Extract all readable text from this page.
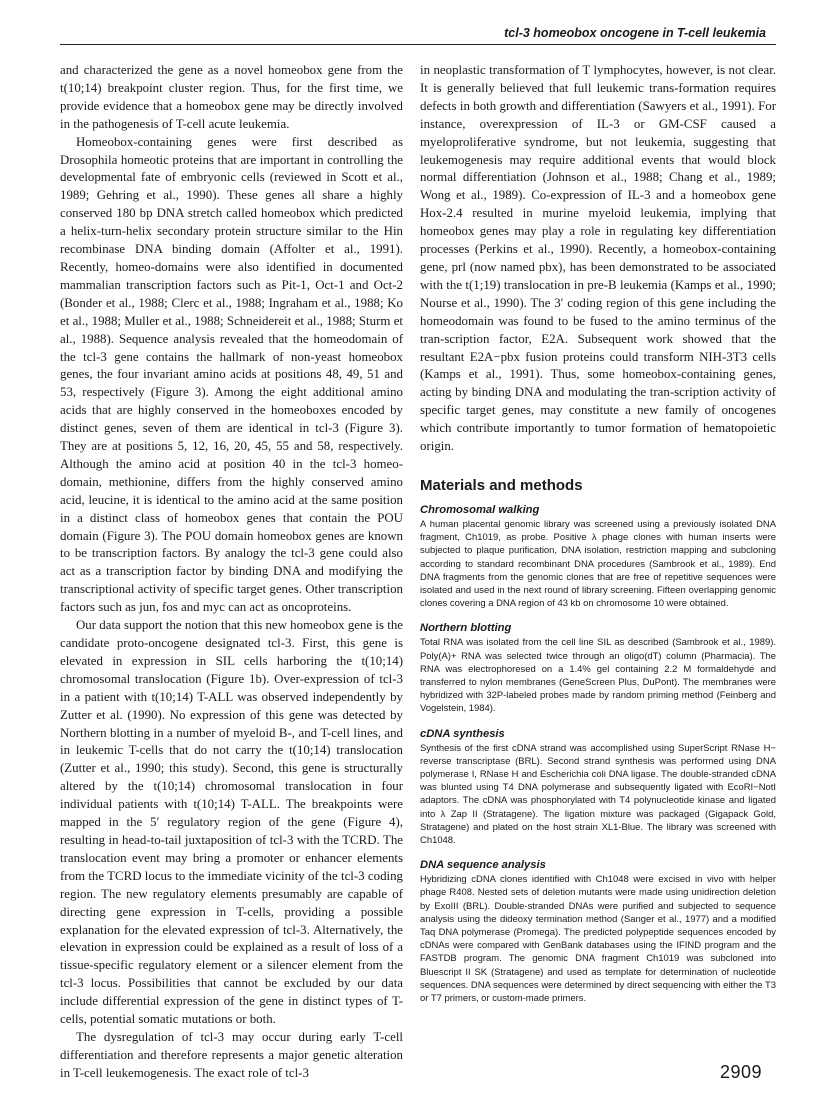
tcl-3 homeobox oncogene in T-cell leukemia

and characterized the gene as a novel homeobox gene from the t(10;14) breakpoint cluster region. Thus, for the first time, we provide evidence that a homeobox gene may be directly involved in the pathogenesis of T-cell acute leukemia.

Homeobox-containing genes were first described as Drosophila homeotic proteins that are important in controlling the developmental fate of embryonic cells (reviewed in Scott et al., 1989; Gehring et al., 1990). These genes all share a highly conserved 180 bp DNA stretch called homeobox which predicted a helix-turn-helix secondary protein structure similar to the Hin recombinase DNA binding domain (Affolter et al., 1991). Recently, homeo-domains were also identified in documented mammalian transcription factors such as Pit-1, Oct-1 and Oct-2 (Bonder et al., 1988; Clerc et al., 1988; Ingraham et al., 1988; Ko et al., 1988; Muller et al., 1988; Schneidereit et al., 1988; Sturm et al., 1988). Sequence analysis revealed that the homeodomain of the tcl-3 gene contains the hallmark of non-yeast homeobox genes, the four invariant amino acids at positions 48, 49, 51 and 53, respectively (Figure 3). Among the eight additional amino acids that are highly conserved in the homeoboxes encoded by distinct genes, seven of them are identical in tcl-3 (Figure 3). They are at positions 5, 12, 16, 20, 45, 55 and 58, respectively. Although the amino acid at position 40 in the tcl-3 homeo-domain, methionine, differs from the highly conserved amino acid, leucine, it is identical to the amino acid at the same position in a distinct class of homeobox genes that contain the POU domain (Figure 3). The POU domain homeobox genes are known to be transcription factors. By analogy the tcl-3 gene could also act as a transcription factor by binding DNA and modifying the transcriptional activity of specific target genes. Other transcription factors such as jun, fos and myc can act as oncoproteins.

Our data support the notion that this new homeobox gene is the candidate proto-oncogene designated tcl-3. First, this gene is elevated in expression in SIL cells harboring the t(10;14) chromosomal translocation (Figure 1b). Over-expression of tcl-3 in a patient with t(10;14) T-ALL was observed independently by Zutter et al. (1990). No expression of this gene was detected by Northern blotting in a number of myeloid B-, and T-cell lines, and in leukemic T-cells that do not carry the t(10;14) translocation (Zutter et al., 1990; this study). Second, this gene is structurally altered by the t(10;14) chromosomal translocation in four individual patients with t(10;14) T-ALL. The breakpoints were mapped in the 5′ regulatory region of the gene (Figure 4), resulting in head-to-tail juxtaposition of tcl-3 with the TCRD. The translocation event may bring a promoter or enhancer elements from the TCRD locus to the immediate vicinity of the tcl-3 coding region. The new regulatory elements presumably are capable of directing gene expression in T-cells, providing a possible explanation for the elevated expression of tcl-3. Alternatively, the elevation in expression could be explained as a result of loss of a tissue-specific regulatory element or a silencer element from the tcl-3 locus. Possibilities that cannot be excluded by our data include differential expression of the gene in distinct types of T-cells, potential somatic mutations or both.

The dysregulation of tcl-3 may occur during early T-cell differentiation and therefore represents a major genetic alteration in T-cell leukemogenesis. The exact role of tcl-3

in neoplastic transformation of T lymphocytes, however, is not clear. It is generally believed that full leukemic trans-formation requires defects in both growth and differentiation (Sawyers et al., 1991). For instance, overexpression of IL-3 or GM-CSF caused a myeloproliferative syndrome, but not leukemia, suggesting that leukemogenesis may require additional events that would block normal differentiation (Johnson et al., 1988; Chang et al., 1989; Wong et al., 1989). Co-expression of IL-3 and a homeobox gene Hox-2.4 resulted in murine myeloid leukemia, implying that homeobox genes may play a role in regulating key differentiation processes (Perkins et al., 1990). Recently, a homeobox-containing gene, prl (now named pbx), has been demonstrated to be associated with the t(1;19) translocation in pre-B leukemia (Kamps et al., 1990; Nourse et al., 1990). The 3′ coding region of this gene including the homeodomain was found to be fused to the amino terminus of the tran-scription factor, E2A. Subsequent work showed that the resultant E2A−pbx fusion proteins could transform NIH-3T3 cells (Kamps et al., 1991). Thus, some homeobox-containing genes, acting by binding DNA and modulating the tran-scription activity of specific target genes, may constitute a new family of oncogenes which contribute importantly to tumor formation of hematopoietic origin.

Materials and methods
Chromosomal walking

A human placental genomic library was screened using a previously isolated DNA fragment, Ch1019, as probe. Positive λ phage clones with human inserts were subjected to plaque purification, DNA isolation, restriction mapping and subcloning according to standard recombinant DNA procedures (Sambrook et al., 1989). End DNA fragments from the genomic clones that are free of repetitive sequences were isolated and used in the next round of library screening. Fifteen overlapping genomic clones covering a DNA region of 43 kb on chromosome 10 were obtained.

Northern blotting

Total RNA was isolated from the cell line SIL as described (Sambrook et al., 1989). Poly(A)+ RNA was selected twice through an oligo(dT) column (Pharmacia). The RNA was electrophoresed on a 1.4% gel containing 2.2 M formaldehyde and transferred to nylon membranes (GeneScreen Plus, DuPont). The membranes were hybridized with 32P-labeled probes made by random priming method (Feinberg and Vogelstein, 1984).

cDNA synthesis

Synthesis of the first cDNA strand was accomplished using SuperScript RNase H− reverse transcriptase (BRL). Second strand synthesis was performed using DNA polymerase I, RNase H and Escherichia coli DNA ligase. The double-stranded cDNA was blunted using T4 DNA polymerase and subsequently ligated with EcoRI−NotI adaptors. The cDNA was phosphorylated with T4 polynucleotide kinase and ligated into λ Zap II (Stratagene). The ligation mixture was packaged (Gigapack Gold, Stratagene) and plated on the host strain XL1-Blue. The library was screened with Ch1048.

DNA sequence analysis

Hybridizing cDNA clones identified with Ch1048 were excised in vivo with helper phage R408. Nested sets of deletion mutants were made using unidirection deletion by ExoIII (BRL). Double-stranded DNAs were purified and subjected to sequence analysis using the dideoxy termination method (Sanger et al., 1977) and a modified Taq DNA polymerase (Promega). The predicted polypeptide sequences encoded by cDNAs were compared with GenBank databases using the IFIND program and the FASTDB program. The genomic DNA fragment Ch1019 was subcloned into Bluescript II SK (Stratagene) and used as template for determination of nucleotide sequences. DNA sequences were determined by direct sequencing with either the T3 or T7 primers, or custom-made primers.

2909
